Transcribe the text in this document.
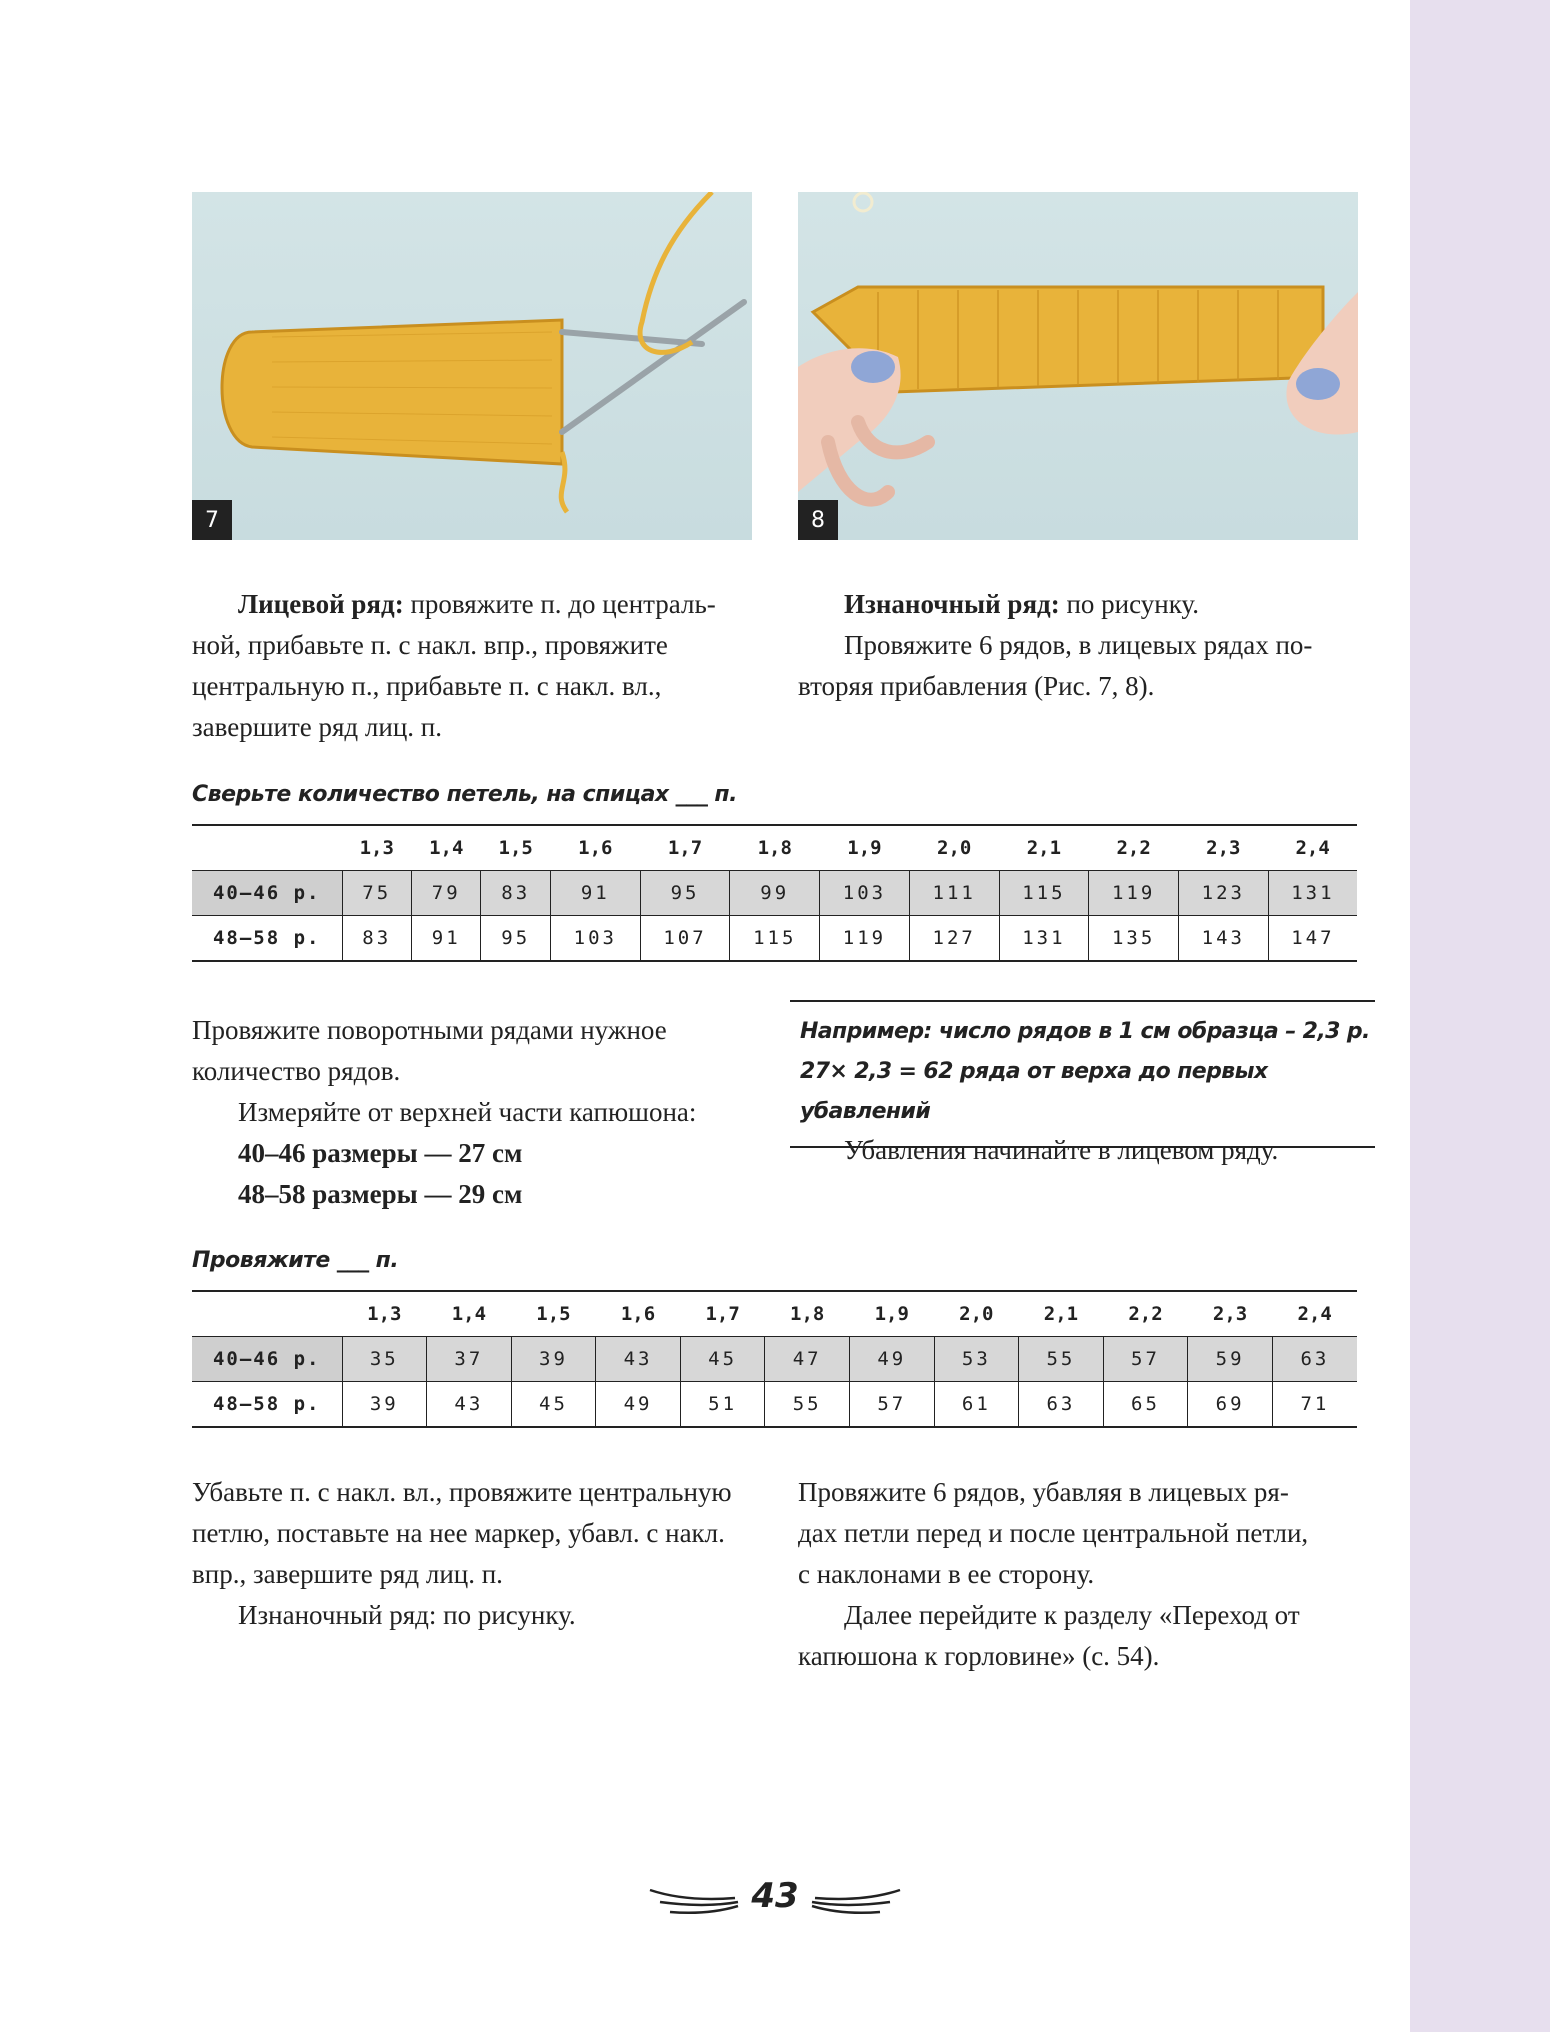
7	8

Лицевой ряд: провяжите п. до централь-

ной, прибавьте п. с накл. впр., провяжите

центральную п., прибавьте п. с накл. вл.,

завершите ряд лиц. п.

Изнаночный ряд: по рисунку.

Провяжите 6 рядов, в лицевых рядах по-

вторяя прибавления (Рис. 7, 8).

Сверьте количество петель, на спицах ___ п.
	1,3	1,4	1,5	1,6	1,7	1,8	1,9	2,0	2,1	2,2	2,3	2,4
40–46 р.	75	79	83	91	95	99	103	111	115	119	123	131
48–58 р.	83	91	95	103	107	115	119	127	131	135	143	147

Провяжите поворотными рядами нужное

количество рядов.

Измеряйте от верхней части капюшона:

40–46 размеры — 27 см

48–58 размеры — 29 см

Например: число рядов в 1 см образца – 2,3 р.
27× 2,3 = 62 ряда от верха до первых убавлений

Убавления начинайте в лицевом ряду.

Провяжите ___ п.
	1,3	1,4	1,5	1,6	1,7	1,8	1,9	2,0	2,1	2,2	2,3	2,4
40–46 р.	35	37	39	43	45	47	49	53	55	57	59	63
48–58 р.	39	43	45	49	51	55	57	61	63	65	69	71

Убавьте п. с накл. вл., провяжите центральную

петлю, поставьте на нее маркер, убавл. с накл.

впр., завершите ряд лиц. п.

Изнаночный ряд: по рисунку.

Провяжите 6 рядов, убавляя в лицевых ря-

дах петли перед и после центральной петли,

с наклонами в ее сторону.

Далее перейдите к разделу «Переход от

капюшона к горловине» (с. 54).

43
